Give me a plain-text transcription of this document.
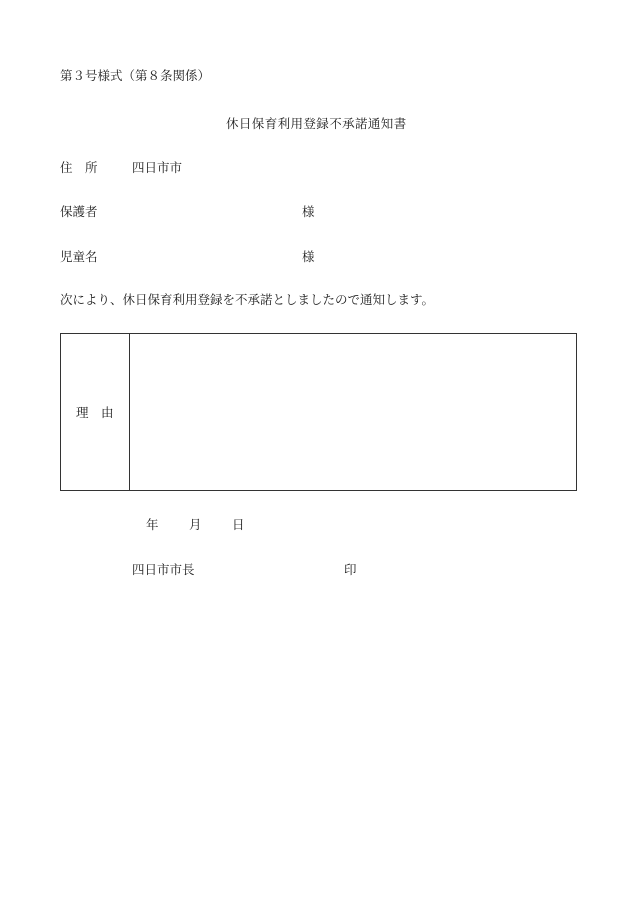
第３号様式（第８条関係）
休日保育利用登録不承諾通知書
住　所	四日市市
保護者	様
児童名	様
次により、休日保育利用登録を不承諾としましたので通知します。
理　由
年 月 日
四日市市長	印
